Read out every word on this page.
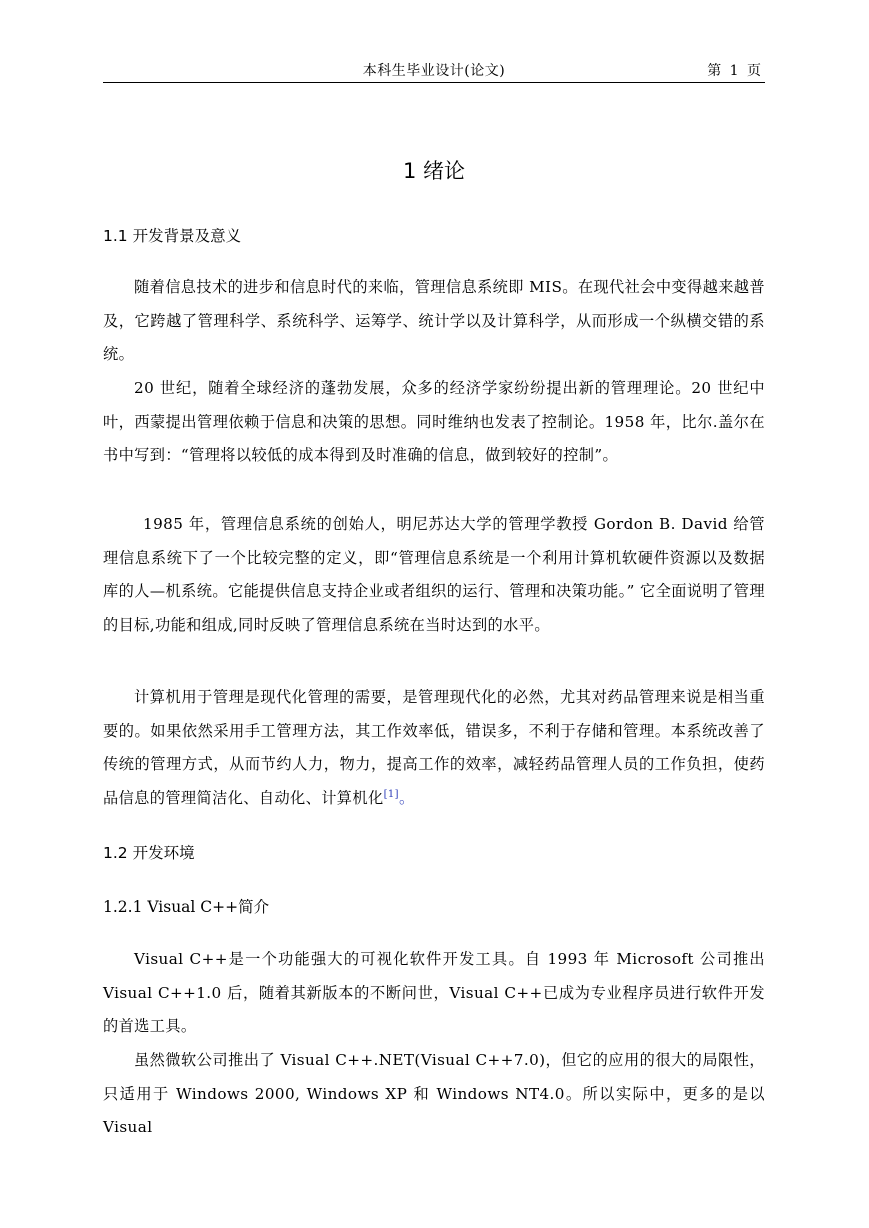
本科生毕业设计(论文)	第 1 页
1 绪论
1.1 开发背景及意义

随着信息技术的进步和信息时代的来临，管理信息系统即 MIS。在现代社会中变得越来越普及，它跨越了管理科学、系统科学、运筹学、统计学以及计算科学，从而形成一个纵横交错的系统。

20 世纪，随着全球经济的蓬勃发展，众多的经济学家纷纷提出新的管理理论。20 世纪中叶，西蒙提出管理依赖于信息和决策的思想。同时维纳也发表了控制论。1958 年，比尔.盖尔在书中写到：“管理将以较低的成本得到及时准确的信息，做到较好的控制”。

1985 年，管理信息系统的创始人，明尼苏达大学的管理学教授 Gordon B. David 给管理信息系统下了一个比较完整的定义，即“管理信息系统是一个利用计算机软硬件资源以及数据库的人—机系统。它能提供信息支持企业或者组织的运行、管理和决策功能。” 它全面说明了管理的目标,功能和组成,同时反映了管理信息系统在当时达到的水平。

计算机用于管理是现代化管理的需要，是管理现代化的必然，尤其对药品管理来说是相当重要的。如果依然采用手工管理方法，其工作效率低，错误多，不利于存储和管理。本系统改善了传统的管理方式，从而节约人力，物力，提高工作的效率，减轻药品管理人员的工作负担，使药品信息的管理简洁化、自动化、计算机化[1]。

1.2 开发环境
1.2.1 Visual C++简介

Visual C++是一个功能强大的可视化软件开发工具。自 1993 年 Microsoft 公司推出 Visual C++1.0 后，随着其新版本的不断问世，Visual C++已成为专业程序员进行软件开发的首选工具。

虽然微软公司推出了 Visual C++.NET(Visual C++7.0)，但它的应用的很大的局限性，只适用于 Windows 2000, Windows XP 和 Windows NT4.0。所以实际中，更多的是以 Visual
